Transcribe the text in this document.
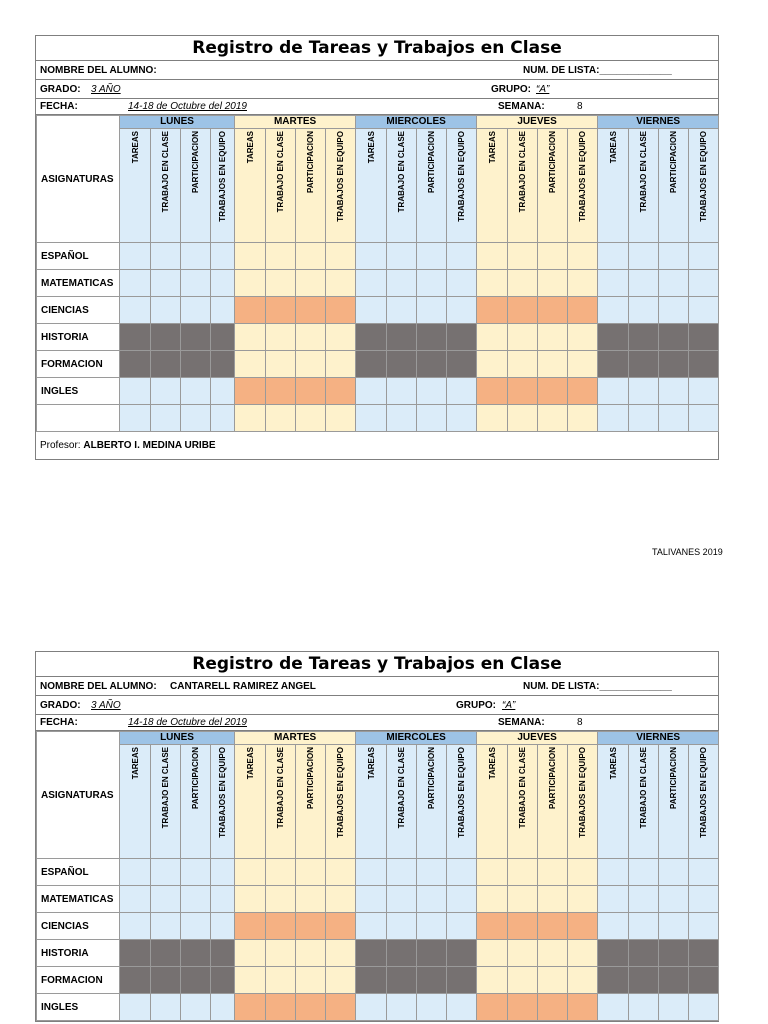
Registro de Tareas y Trabajos en Clase
NOMBRE DEL ALUMNO:	NUM. DE LISTA:_____________
GRADO: 3 AÑO	GRUPO: “A”
FECHA:	14-18 de Octubre del 2019	SEMANA:	8
ASIGNATURAS	LUNES				MARTES				MIERCOLES				JUEVES				VIERNES			

	TAREAS	TRABAJO EN CLASE	PARTICIPACION	TRABAJOS EN EQUIPO	TAREAS	TRABAJO EN CLASE	PARTICIPACION	TRABAJOS EN EQUIPO	TAREAS	TRABAJO EN CLASE	PARTICIPACION	TRABAJOS EN EQUIPO	TAREAS	TRABAJO EN CLASE	PARTICIPACION	TRABAJOS EN EQUIPO	TAREAS	TRABAJO EN CLASE	PARTICIPACION	TRABAJOS EN EQUIPO

ESPAÑOL																				
MATEMATICAS																				
CIENCIAS																				
HISTORIA																				
FORMACION																				
INGLES																				

Profesor: ALBERTO I. MEDINA URIBE
TALIVANES 2019
Registro de Tareas y Trabajos en Clase
NOMBRE DEL ALUMNO: CANTARELL RAMIREZ ANGEL	NUM. DE LISTA:_____________
GRADO: 3 AÑO	GRUPO: “A”
FECHA:	14-18 de Octubre del 2019	SEMANA:	8
ASIGNATURAS	LUNES				MARTES				MIERCOLES				JUEVES				VIERNES			

	TAREAS	TRABAJO EN CLASE	PARTICIPACION	TRABAJOS EN EQUIPO	TAREAS	TRABAJO EN CLASE	PARTICIPACION	TRABAJOS EN EQUIPO	TAREAS	TRABAJO EN CLASE	PARTICIPACION	TRABAJOS EN EQUIPO	TAREAS	TRABAJO EN CLASE	PARTICIPACION	TRABAJOS EN EQUIPO	TAREAS	TRABAJO EN CLASE	PARTICIPACION	TRABAJOS EN EQUIPO

ESPAÑOL																				
MATEMATICAS																				
CIENCIAS																				
HISTORIA																				
FORMACION																				
INGLES																				
